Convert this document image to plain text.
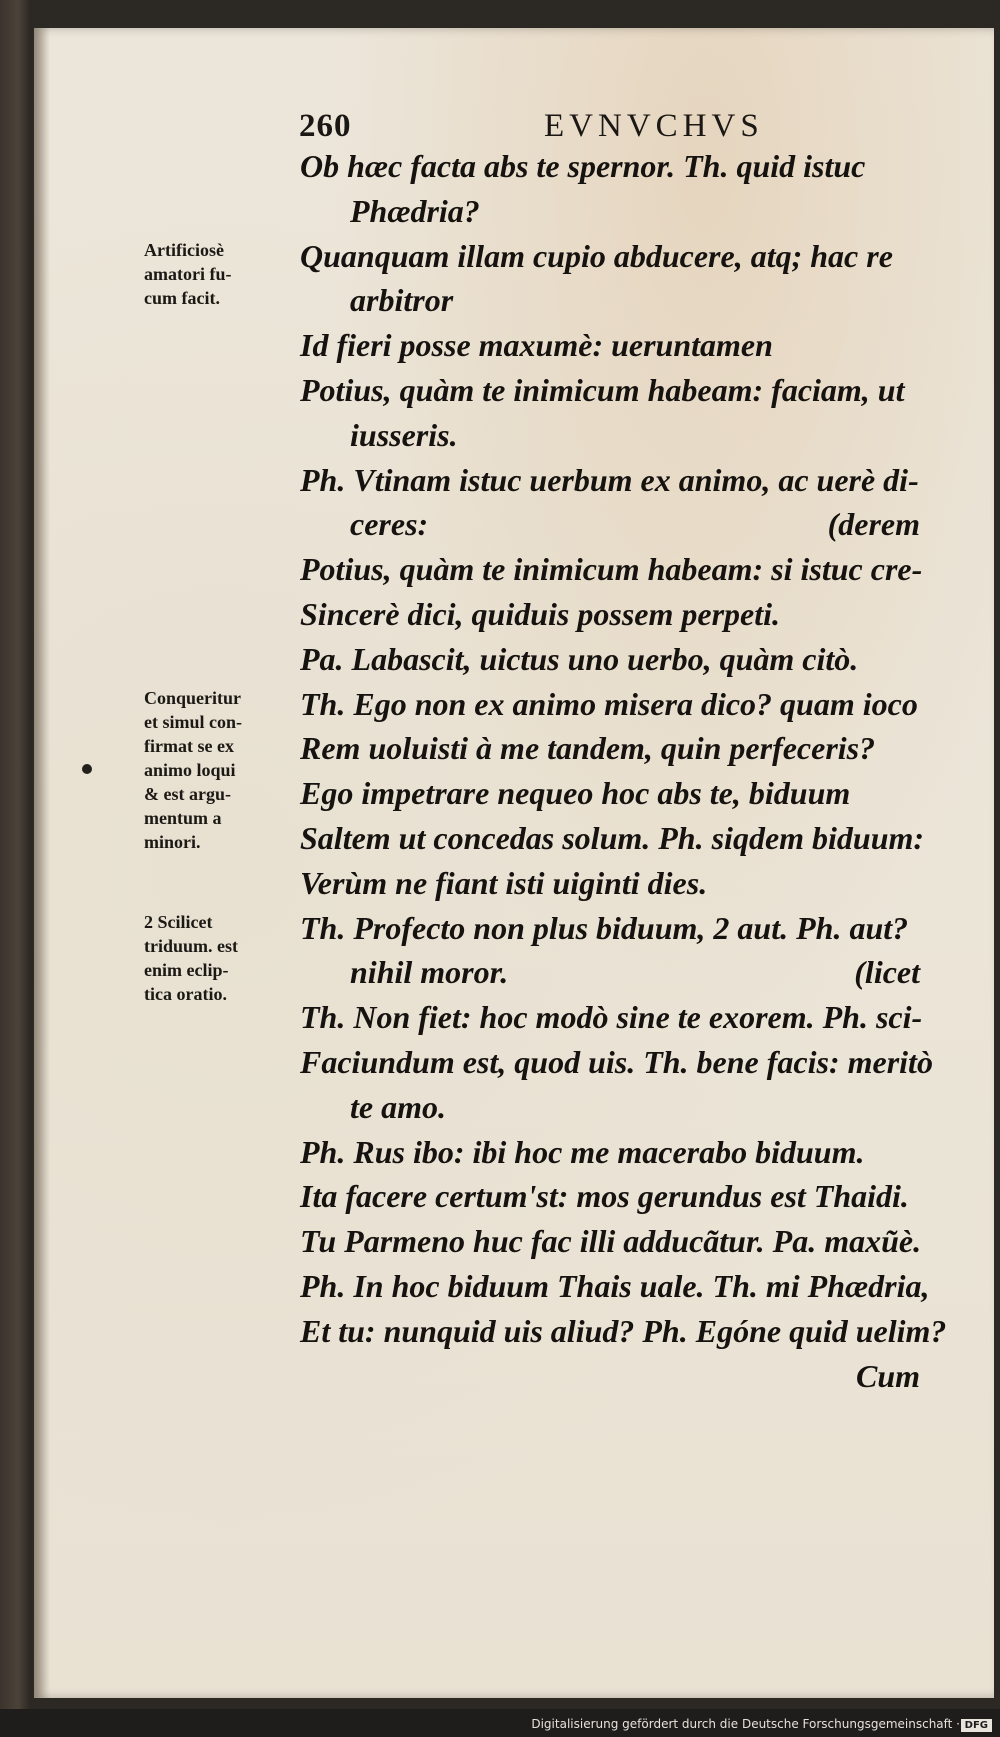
260	EVNVCHVS
Ob hæc facta abs te spernor. Th. quid istuc
Phædria?
Quanquam illam cupio abducere, atq; hac re
arbitror
Id fieri posse maxumè: ueruntamen
Potius, quàm te inimicum habeam: faciam, ut
iusseris.
Ph. Vtinam istuc uerbum ex animo, ac uerè di-
ceres:	(derem
Potius, quàm te inimicum habeam: si istuc cre-
Sincerè dici, quiduis possem perpeti.
Pa. Labascit, uictus uno uerbo, quàm citò.
Th. Ego non ex animo misera dico? quam ioco
Rem uoluisti à me tandem, quin perfeceris?
Ego impetrare nequeo hoc abs te, biduum
Saltem ut concedas solum. Ph. siqdem biduum:
Verùm ne fiant isti uiginti dies.
Th. Profecto non plus biduum, 2 aut. Ph. aut?
nihil moror.	(licet
Th. Non fiet: hoc modò sine te exorem. Ph. sci-
Faciundum est, quod uis. Th. bene facis: meritò
te amo.
Ph. Rus ibo: ibi hoc me macerabo biduum.
Ita facere certum'st: mos gerundus est Thaidi.
Tu Parmeno huc fac illi adducãtur. Pa. maxũè.
Ph. In hoc biduum Thais uale. Th. mi Phædria,
Et tu: nunquid uis aliud? Ph. Egóne quid uelim?
Cum
Artificiosè
amatori fu-
cum facit.
Conqueritur
et simul con-
firmat se ex
animo loqui
& est argu-
mentum a
minori.
2 Scilicet
triduum. est
enim eclip-
tica oratio.
Digitalisierung gefördert durch die Deutsche Forschungsgemeinschaft · DFG
